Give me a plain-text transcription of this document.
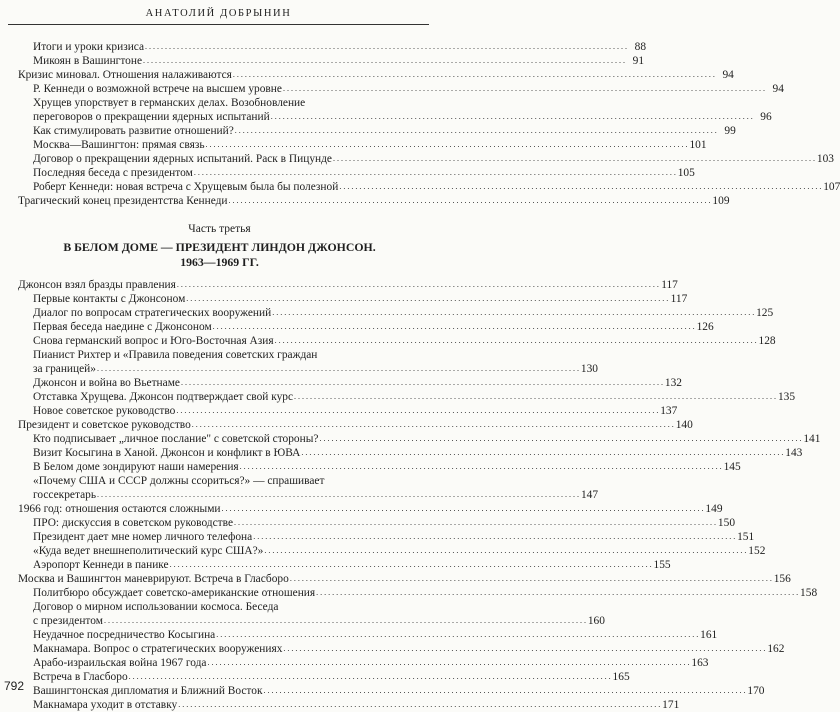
АНАТОЛИЙ ДОБРЫНИН
Итоги и уроки кризиса . . .	88
Микоян в Вашингтоне . . .	91
Кризис миновал. Отношения налаживаются . . .	94
Р. Кеннеди о возможной встрече на высшем уровне . . .	94
Хрущев упорствует в германских делах. Возобновление
переговоров о прекращении ядерных испытаний . . .	96
Как стимулировать развитие отношений? . . .	99
Москва—Вашингтон: прямая связь . . .	101
Договор о прекращении ядерных испытаний. Раск в Пицунде . . .	103
Последняя беседа с президентом . . .	105
Роберт Кеннеди: новая встреча с Хрущевым была бы полезной . . .	107
Трагический конец президентства Кеннеди . . .	109
Часть третья
В БЕЛОМ ДОМЕ — ПРЕЗИДЕНТ ЛИНДОН ДЖОНСОН.
1963—1969 ГГ.
Джонсон взял бразды правления . . .	117
Первые контакты с Джонсоном . . .	117
Диалог по вопросам стратегических вооружений . . .	125
Первая беседа наедине с Джонсоном . . .	126
Снова германский вопрос и Юго-Восточная Азия . . .	128
Пианист Рихтер и «Правила поведения советских граждан
за границей» . . .	130
Джонсон и война во Вьетнаме . . .	132
Отставка Хрущева. Джонсон подтверждает свой курс . . .	135
Новое советское руководство . . .	137
Президент и советское руководство . . .	140
Кто подписывает „личное послание" с советской стороны? . . .	141
Визит Косыгина в Ханой. Джонсон и конфликт в ЮВА . . .	143
В Белом доме зондируют наши намерения . . .	145
«Почему США и СССР должны ссориться?» — спрашивает
госсекретарь . . .	147
1966 год: отношения остаются сложными . . .	149
ПРО: дискуссия в советском руководстве . . .	150
Президент дает мне номер личного телефона . . .	151
«Куда ведет внешнеполитический курс США?» . . .	152
Аэропорт Кеннеди в панике . . .	155
Москва и Вашингтон маневрируют. Встреча в Гласборо . . .	156
Политбюро обсуждает советско-американские отношения . . .	158
Договор о мирном использовании космоса. Беседа
с президентом . . .	160
Неудачное посредничество Косыгина . . .	161
Макнамара. Вопрос о стратегических вооружениях . . .	162
Арабо-израильская война 1967 года . . .	163
Встреча в Гласборо . . .	165
Вашингтонская дипломатия и Ближний Восток . . .	170
Макнамара уходит в отставку . . .	171
792
